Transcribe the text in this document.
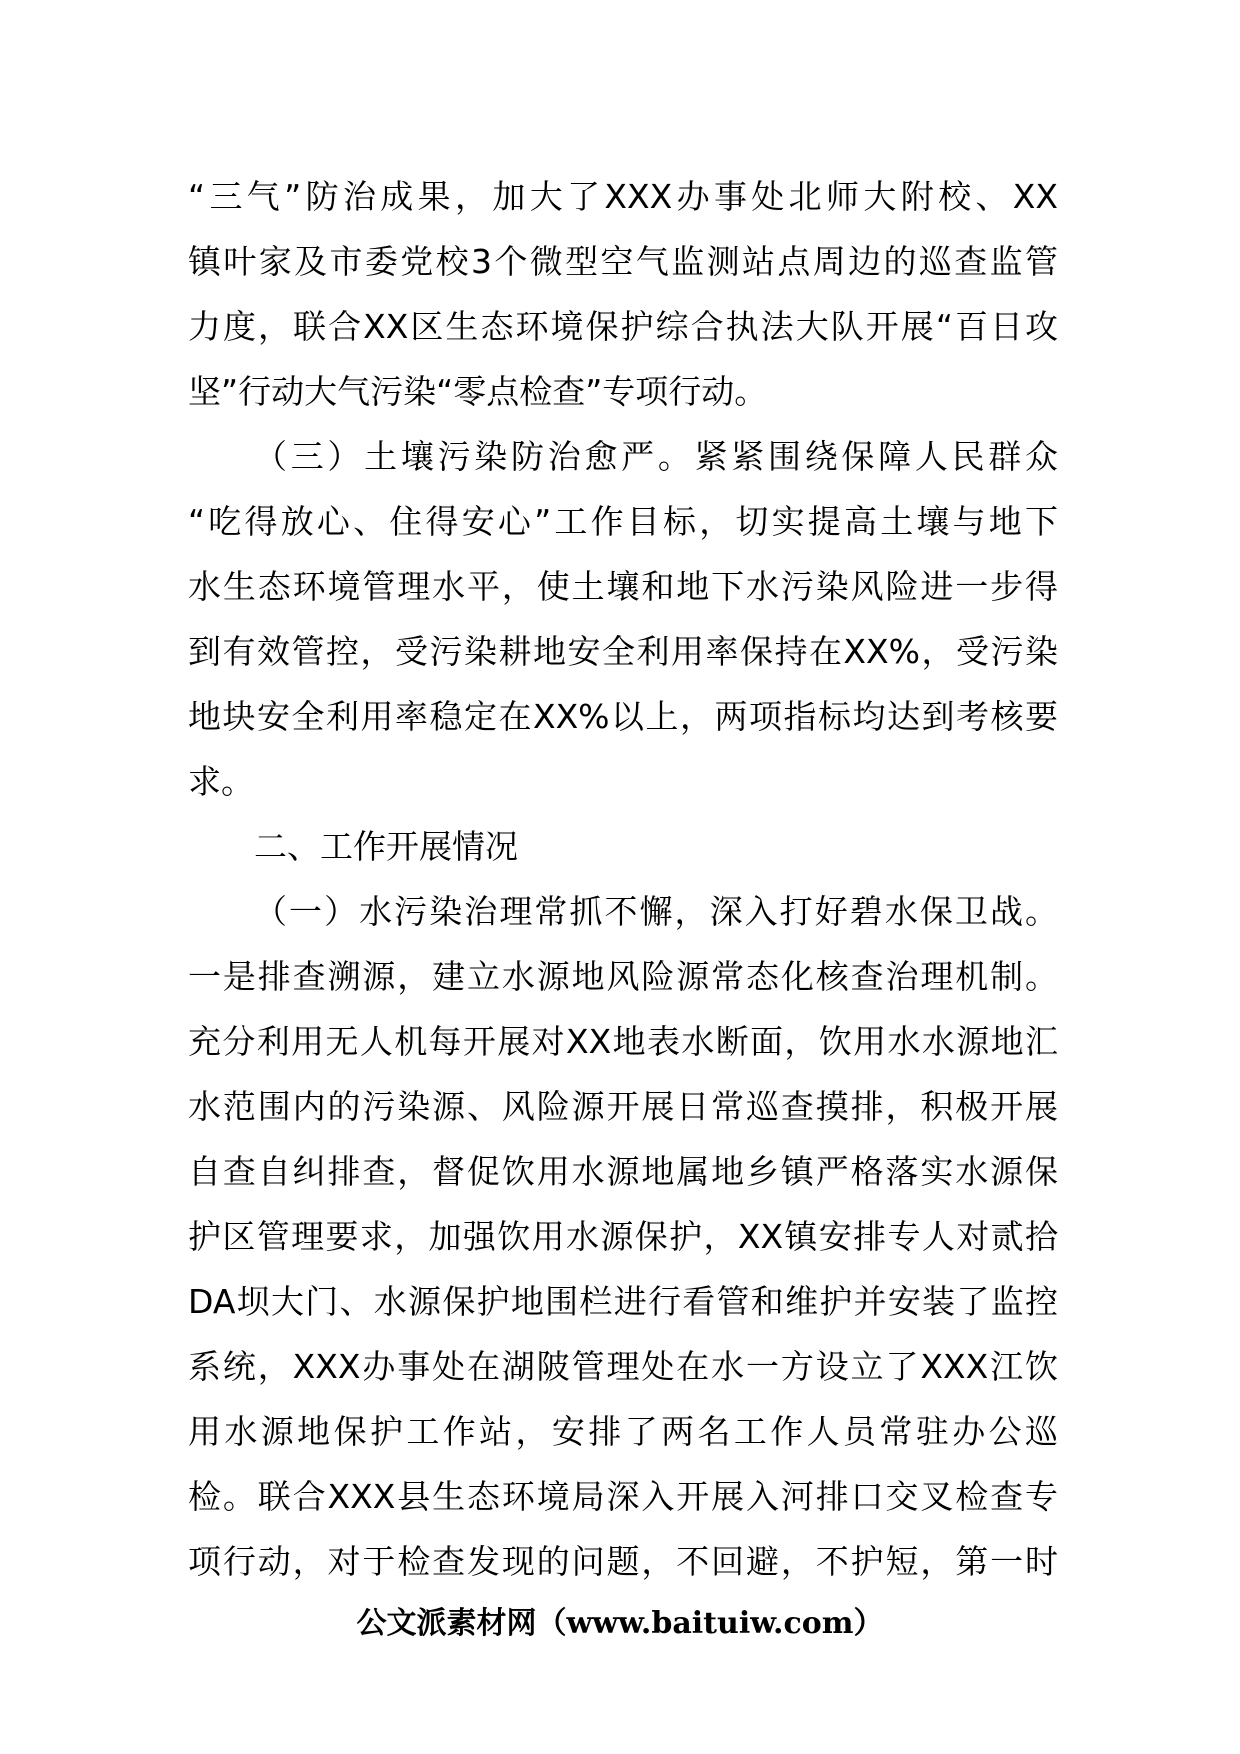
“三气”防治成果，加大了XXX办事处北师大附校、XX
镇叶家及市委党校3个微型空气监测站点周边的巡查监管
力度，联合XX区生态环境保护综合执法大队开展“百日攻
坚”行动大气污染“零点检查”专项行动。
（三）土壤污染防治愈严。紧紧围绕保障人民群众
“吃得放心、住得安心”工作目标，切实提高土壤与地下
水生态环境管理水平，使土壤和地下水污染风险进一步得
到有效管控，受污染耕地安全利用率保持在XX%，受污染
地块安全利用率稳定在XX%以上，两项指标均达到考核要
求。
二、工作开展情况
（一）水污染治理常抓不懈，深入打好碧水保卫战。
一是排查溯源，建立水源地风险源常态化核查治理机制。
充分利用无人机每开展对XX地表水断面，饮用水水源地汇
水范围内的污染源、风险源开展日常巡查摸排，积极开展
自查自纠排查，督促饮用水源地属地乡镇严格落实水源保
护区管理要求，加强饮用水源保护，XX镇安排专人对贰拾
DA坝大门、水源保护地围栏进行看管和维护并安装了监控
系统，XXX办事处在湖陂管理处在水一方设立了XXX江饮
用水源地保护工作站，安排了两名工作人员常驻办公巡
检。联合XXX县生态环境局深入开展入河排口交叉检查专
项行动，对于检查发现的问题，不回避，不护短，第一时
公文派素材网（www.baituiw.com）
